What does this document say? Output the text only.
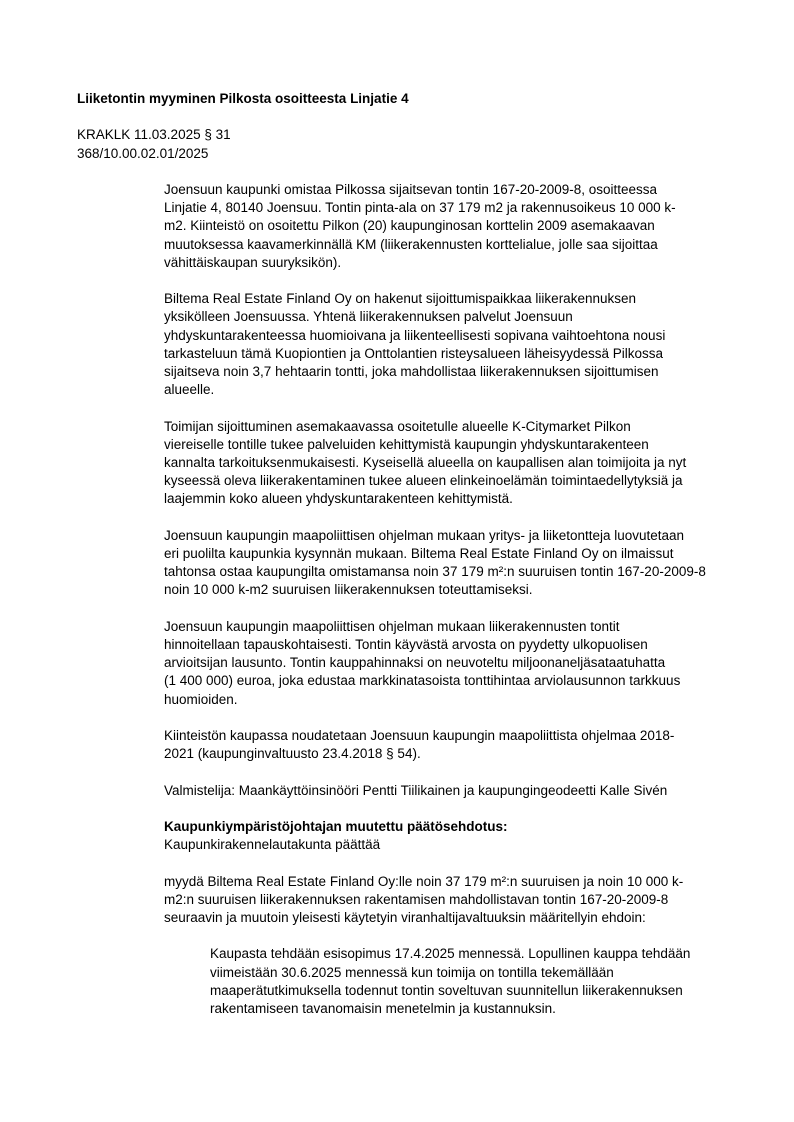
Liiketontin myyminen Pilkosta osoitteesta Linjatie 4
KRAKLK 11.03.2025 § 31
368/10.00.02.01/2025
Joensuun kaupunki omistaa Pilkossa sijaitsevan tontin 167-20-2009-8, osoitteessa
Linjatie 4, 80140 Joensuu. Tontin pinta-ala on 37 179 m2 ja rakennusoikeus 10 000 k-
m2. Kiinteistö on osoitettu Pilkon (20) kaupunginosan korttelin 2009 asemakaavan
muutoksessa kaavamerkinnällä KM (liikerakennusten korttelialue, jolle saa sijoittaa
vähittäiskaupan suuryksikön).
Biltema Real Estate Finland Oy on hakenut sijoittumispaikkaa liikerakennuksen
yksikölleen Joensuussa. Yhtenä liikerakennuksen palvelut Joensuun
yhdyskuntarakenteessa huomioivana ja liikenteellisesti sopivana vaihtoehtona nousi
tarkasteluun tämä Kuopiontien ja Onttolantien risteysalueen läheisyydessä Pilkossa
sijaitseva noin 3,7 hehtaarin tontti, joka mahdollistaa liikerakennuksen sijoittumisen
alueelle.
Toimijan sijoittuminen asemakaavassa osoitetulle alueelle K-Citymarket Pilkon
viereiselle tontille tukee palveluiden kehittymistä kaupungin yhdyskuntarakenteen
kannalta tarkoituksenmukaisesti. Kyseisellä alueella on kaupallisen alan toimijoita ja nyt
kyseessä oleva liikerakentaminen tukee alueen elinkeinoelämän toimintaedellytyksiä ja
laajemmin koko alueen yhdyskuntarakenteen kehittymistä.
Joensuun kaupungin maapoliittisen ohjelman mukaan yritys- ja liiketontteja luovutetaan
eri puolilta kaupunkia kysynnän mukaan. Biltema Real Estate Finland Oy on ilmaissut
tahtonsa ostaa kaupungilta omistamansa noin 37 179 m²:n suuruisen tontin 167-20-2009-8
noin 10 000 k-m2 suuruisen liikerakennuksen toteuttamiseksi.
Joensuun kaupungin maapoliittisen ohjelman mukaan liikerakennusten tontit
hinnoitellaan tapauskohtaisesti. Tontin käyvästä arvosta on pyydetty ulkopuolisen
arvioitsijan lausunto. Tontin kauppahinnaksi on neuvoteltu miljoonaneljäsataatuhatta
(1 400 000) euroa, joka edustaa markkinatasoista tonttihintaa arviolausunnon tarkkuus
huomioiden.
Kiinteistön kaupassa noudatetaan Joensuun kaupungin maapoliittista ohjelmaa 2018-
2021 (kaupunginvaltuusto 23.4.2018 § 54).
Valmistelija: Maankäyttöinsinööri Pentti Tiilikainen ja kaupungingeodeetti Kalle Sivén
Kaupunkiympäristöjohtajan muutettu päätösehdotus:
Kaupunkirakennelautakunta päättää
myydä Biltema Real Estate Finland Oy:lle noin 37 179 m²:n suuruisen ja noin 10 000 k-
m2:n suuruisen liikerakennuksen rakentamisen mahdollistavan tontin 167-20-2009-8
seuraavin ja muutoin yleisesti käytetyin viranhaltijavaltuuksin määritellyin ehdoin:
Kaupasta tehdään esisopimus 17.4.2025 mennessä. Lopullinen kauppa tehdään
viimeistään 30.6.2025 mennessä kun toimija on tontilla tekemällään
maaperätutkimuksella todennut tontin soveltuvan suunnitellun liikerakennuksen
rakentamiseen tavanomaisin menetelmin ja kustannuksin.
